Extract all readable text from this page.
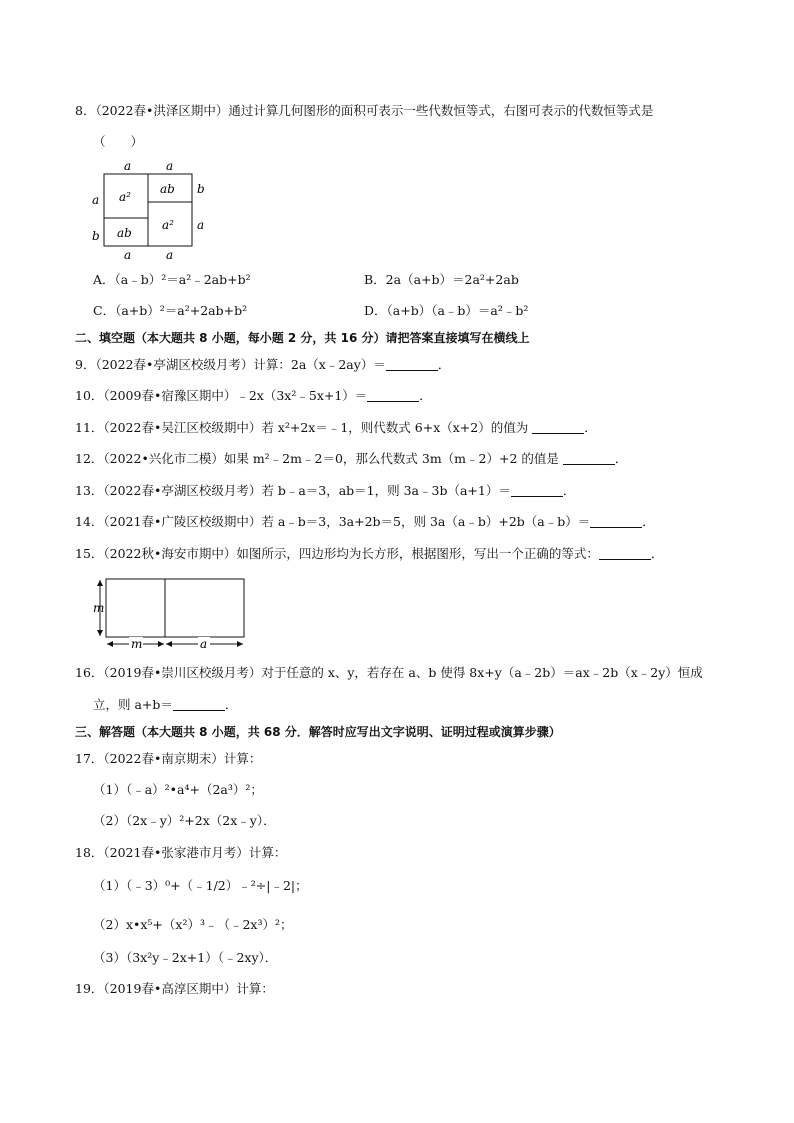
8．（2022春•洪泽区期中）通过计算几何图形的面积可表示一些代数恒等式，右图可表示的代数恒等式是
（　　）
a	a
a
b
b
a
a	a
a²
ab
ab
a²
A．（a﹣b）²＝a²﹣2ab+b²	B．2a（a+b）＝2a²+2ab
C．（a+b）²＝a²+2ab+b²	D．（a+b）（a﹣b）＝a²﹣b²
二、填空题（本大题共 8 小题，每小题 2 分，共 16 分）请把答案直接填写在横线上
9．（2022春•亭湖区校级月考）计算：2a（x﹣2ay）＝	．
10．（2009春•宿豫区期中）﹣2x（3x²﹣5x+1）＝	．
11．（2022春•吴江区校级期中）若 x²+2x＝﹣1，则代数式 6+x（x+2）的值为	．
12．（2022•兴化市二模）如果 m²﹣2m﹣2＝0，那么代数式 3m（m﹣2）+2 的值是	．
13．（2022春•亭湖区校级月考）若 b﹣a＝3，ab＝1，则 3a﹣3b（a+1）＝	．
14．（2021春•广陵区校级期中）若 a﹣b＝3，3a+2b＝5，则 3a（a﹣b）+2b（a﹣b）＝	．
15．（2022秋•海安市期中）如图所示，四边形均为长方形，根据图形，写出一个正确的等式：	．
m
m	a
16．（2019春•崇川区校级月考）对于任意的 x、y，若存在 a、b 使得 8x+y（a﹣2b）＝ax﹣2b（x﹣2y）恒成
立，则 a+b＝	．
三、解答题（本大题共 8 小题，共 68 分．解答时应写出文字说明、证明过程或演算步骤）
17．（2022春•南京期末）计算：
（1）（﹣a）²•a⁴+（2a³）²；
（2）（2x﹣y）²+2x（2x﹣y）．
18．（2021春•张家港市月考）计算：
（1）（﹣3）⁰+（﹣1/2）﹣²÷|﹣2|；
（2）x•x⁵+（x²）³﹣（﹣2x³）²；
（3）（3x²y﹣2x+1）（﹣2xy）．
19．（2019春•高淳区期中）计算：
